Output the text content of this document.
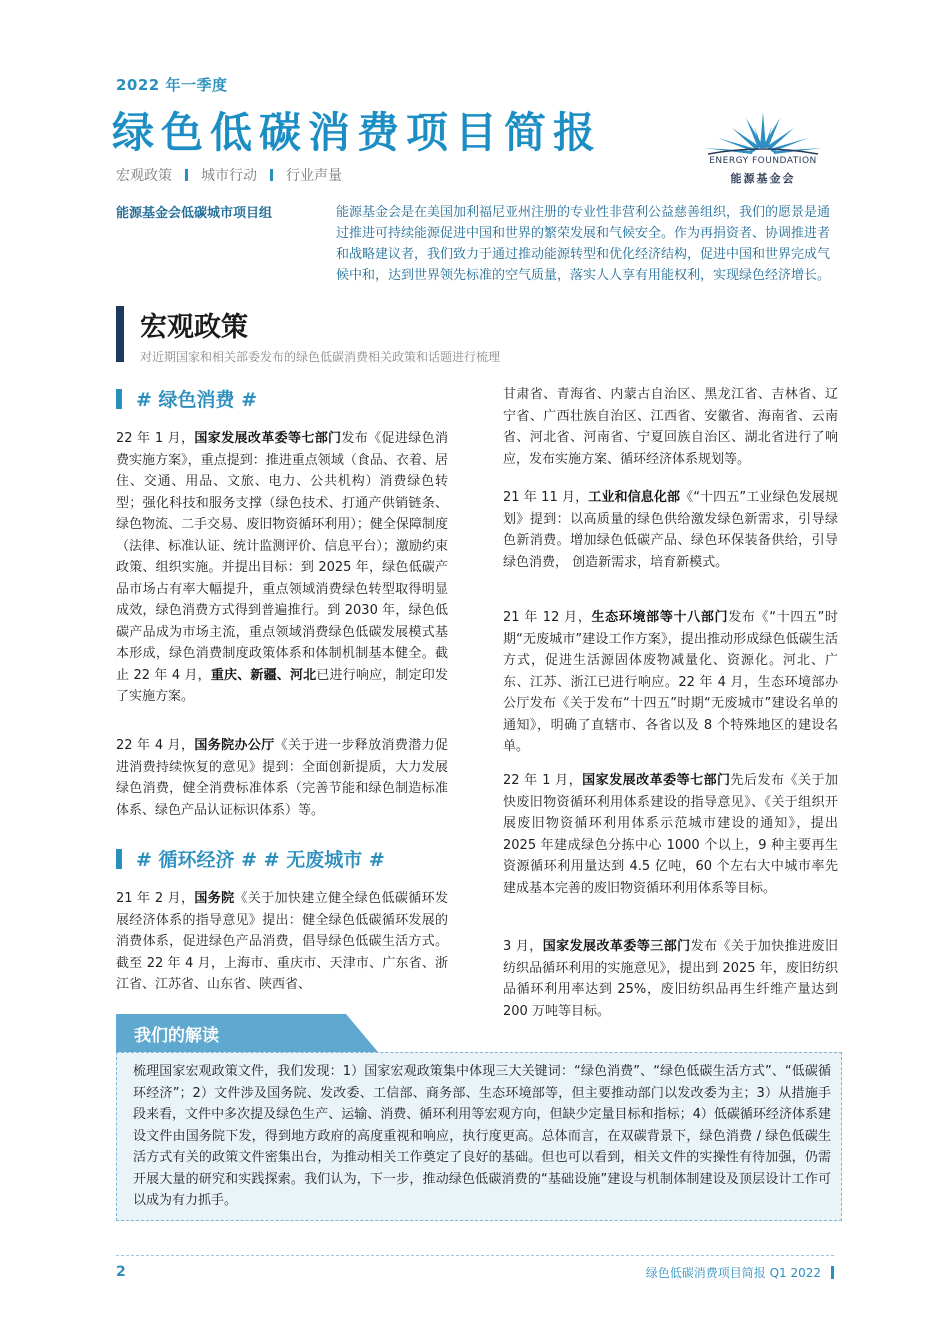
2022 年一季度
绿色低碳消费项目简报
ENERGY FOUNDATION
能源基金会
宏观政策 城市行动 行业声量
能源基金会低碳城市项目组	能源基金会是在美国加利福尼亚州注册的专业性非营利公益慈善组织，我们的愿景是通过推进可持续能源促进中国和世界的繁荣发展和气候安全。作为再捐资者、协调推进者和战略建议者，我们致力于通过推动能源转型和优化经济结构，促进中国和世界完成气候中和，达到世界领先标准的空气质量，落实人人享有用能权利，实现绿色经济增长。
宏观政策
对近期国家和相关部委发布的绿色低碳消费相关政策和话题进行梳理
# 绿色消费 #
22 年 1 月，国家发展改革委等七部门发布《促进绿色消费实施方案》，重点提到：推进重点领域（食品、衣着、居住、交通、用品、文旅、电力、公共机构）消费绿色转型；强化科技和服务支撑（绿色技术、打通产供销链条、绿色物流、二手交易、废旧物资循环利用）；健全保障制度（法律、标准认证、统计监测评价、信息平台）；激励约束政策、组织实施。并提出目标：到 2025 年，绿色低碳产品市场占有率大幅提升，重点领域消费绿色转型取得明显成效，绿色消费方式得到普遍推行。到 2030 年，绿色低碳产品成为市场主流，重点领域消费绿色低碳发展模式基本形成，绿色消费制度政策体系和体制机制基本健全。截止 22 年 4 月，重庆、新疆、河北已进行响应，制定印发了实施方案。
22 年 4 月，国务院办公厅《关于进一步释放消费潜力促进消费持续恢复的意见》提到：全面创新提质，大力发展绿色消费，健全消费标准体系（完善节能和绿色制造标准体系、绿色产品认证标识体系）等。
# 循环经济 # # 无废城市 #
21 年 2 月，国务院《关于加快建立健全绿色低碳循环发展经济体系的指导意见》提出：健全绿色低碳循环发展的消费体系，促进绿色产品消费，倡导绿色低碳生活方式。截至 22 年 4 月，上海市、重庆市、天津市、广东省、浙江省、江苏省、山东省、陕西省、
甘肃省、青海省、内蒙古自治区、黑龙江省、吉林省、辽宁省、广西壮族自治区、江西省、安徽省、海南省、云南省、河北省、河南省、宁夏回族自治区、湖北省进行了响应，发布实施方案、循环经济体系规划等。
21 年 11 月，工业和信息化部《“十四五”工业绿色发展规划》提到：以高质量的绿色供给激发绿色新需求，引导绿色新消费。增加绿色低碳产品、绿色环保装备供给，引导绿色消费， 创造新需求，培育新模式。
21 年 12 月，生态环境部等十八部门发布《“十四五”时期“无废城市”建设工作方案》，提出推动形成绿色低碳生活方式，促进生活源固体废物减量化、资源化。河北、广东、江苏、浙江已进行响应。22 年 4 月，生态环境部办公厅发布《关于发布“十四五”时期“无废城市”建设名单的通知》，明确了直辖市、各省以及 8 个特殊地区的建设名单。
22 年 1 月，国家发展改革委等七部门先后发布《关于加快废旧物资循环利用体系建设的指导意见》、《关于组织开展废旧物资循环利用体系示范城市建设的通知》，提出 2025 年建成绿色分拣中心 1000 个以上，9 种主要再生资源循环利用量达到 4.5 亿吨，60 个左右大中城市率先建成基本完善的废旧物资循环利用体系等目标。
3 月，国家发展改革委等三部门发布《关于加快推进废旧纺织品循环利用的实施意见》，提出到 2025 年，废旧纺织品循环利用率达到 25%，废旧纺织品再生纤维产量达到 200 万吨等目标。
我们的解读
梳理国家宏观政策文件，我们发现：1）国家宏观政策集中体现三大关键词：“绿色消费”、“绿色低碳生活方式”、“低碳循环经济”；2）文件涉及国务院、发改委、工信部、商务部、生态环境部等，但主要推动部门以发改委为主；3）从措施手段来看，文件中多次提及绿色生产、运输、消费、循环利用等宏观方向，但缺少定量目标和指标；4）低碳循环经济体系建设文件由国务院下发，得到地方政府的高度重视和响应，执行度更高。总体而言，在双碳背景下，绿色消费 / 绿色低碳生活方式有关的政策文件密集出台，为推动相关工作奠定了良好的基础。但也可以看到，相关文件的实操性有待加强，仍需开展大量的研究和实践探索。我们认为，下一步，推动绿色低碳消费的“基础设施”建设与机制体制建设及顶层设计工作可以成为有力抓手。
2	绿色低碳消费项目简报 Q1 2022
